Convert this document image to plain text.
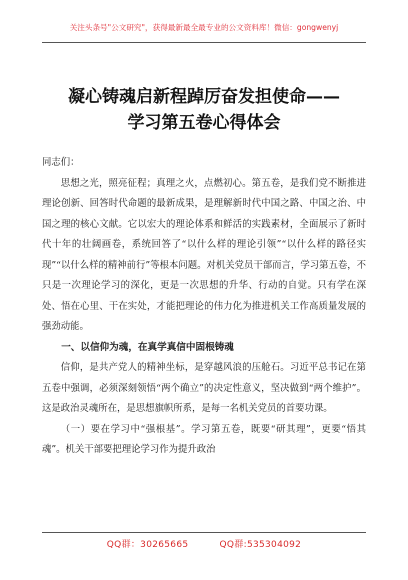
关注头条号"公文研究"，获得最新最全最专业的公文资料库！微信：gongwenyj
凝心铸魂启新程踔厉奋发担使命——
学习第五卷心得体会

同志们：

思想之光，照亮征程；真理之火，点燃初心。第五卷，是我们党不断推进理论创新、回答时代命题的最新成果，是理解新时代中国之路、中国之治、中国之理的核心文献。它以宏大的理论体系和鲜活的实践素材，全面展示了新时代十年的壮阔画卷，系统回答了“以什么样的理论引领”“以什么样的路径实现”“以什么样的精神前行”等根本问题。对机关党员干部而言，学习第五卷，不只是一次理论学习的深化，更是一次思想的升华、行动的自觉。只有学在深处、悟在心里、干在实处，才能把理论的伟力化为推进机关工作高质量发展的强劲动能。

一、以信仰为魂，在真学真信中固根铸魂

信仰，是共产党人的精神坐标，是穿越风浪的压舱石。习近平总书记在第五卷中强调，必须深刻领悟“两个确立”的决定性意义，坚决做到“两个维护”。这是政治灵魂所在，是思想旗帜所系，是每一名机关党员的首要功课。

（一）要在学习中“强根基”。学习第五卷，既要“研其理”，更要“悟其魂”。机关干部要把理论学习作为提升政治

QQ群：30265665	QQ群:535304092
